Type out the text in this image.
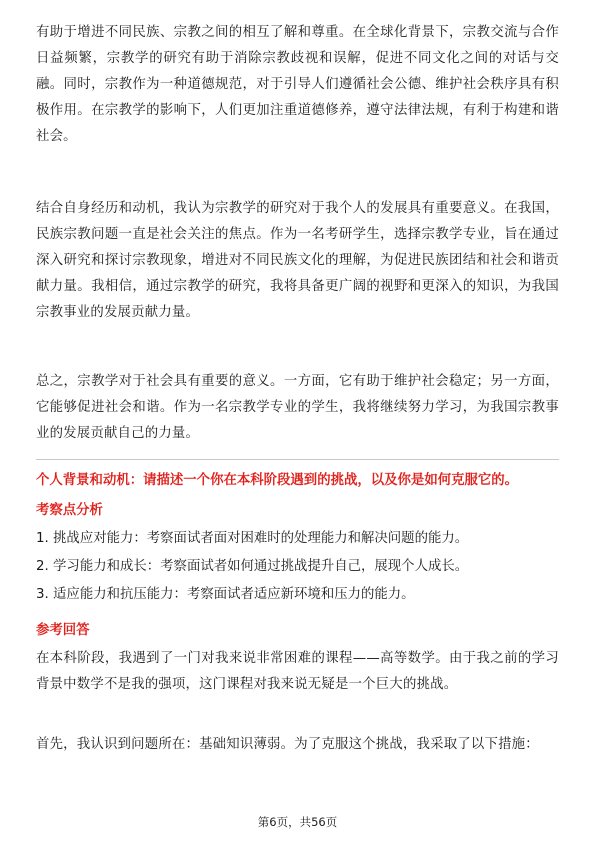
有助于增进不同民族、宗教之间的相互了解和尊重。在全球化背景下，宗教交流与合作日益频繁，宗教学的研究有助于消除宗教歧视和误解，促进不同文化之间的对话与交融。同时，宗教作为一种道德规范，对于引导人们遵循社会公德、维护社会秩序具有积极作用。在宗教学的影响下，人们更加注重道德修养，遵守法律法规，有利于构建和谐社会。

结合自身经历和动机，我认为宗教学的研究对于我个人的发展具有重要意义。在我国，民族宗教问题一直是社会关注的焦点。作为一名考研学生，选择宗教学专业，旨在通过深入研究和探讨宗教现象，增进对不同民族文化的理解，为促进民族团结和社会和谐贡献力量。我相信，通过宗教学的研究，我将具备更广阔的视野和更深入的知识，为我国宗教事业的发展贡献力量。

总之，宗教学对于社会具有重要的意义。一方面，它有助于维护社会稳定；另一方面，它能够促进社会和谐。作为一名宗教学专业的学生，我将继续努力学习，为我国宗教事业的发展贡献自己的力量。

个人背景和动机：请描述一个你在本科阶段遇到的挑战，以及你是如何克服它的。

考察点分析

1. 挑战应对能力：考察面试者面对困难时的处理能力和解决问题的能力。

2. 学习能力和成长：考察面试者如何通过挑战提升自己，展现个人成长。

3. 适应能力和抗压能力：考察面试者适应新环境和压力的能力。

参考回答

在本科阶段，我遇到了一门对我来说非常困难的课程——高等数学。由于我之前的学习背景中数学不是我的强项，这门课程对我来说无疑是一个巨大的挑战。

首先，我认识到问题所在：基础知识薄弱。为了克服这个挑战，我采取了以下措施：

第6页，共56页
